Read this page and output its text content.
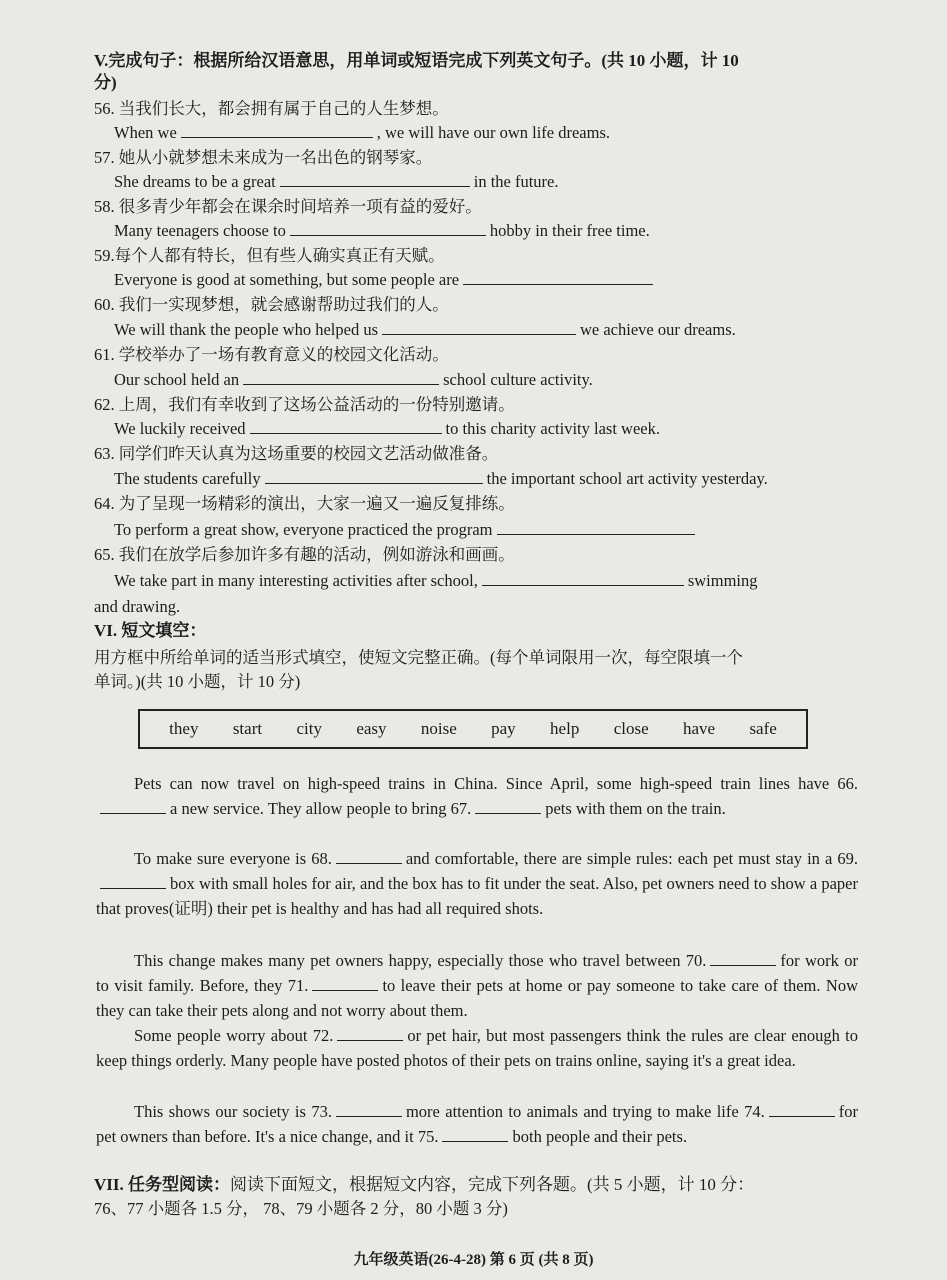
V.完成句子：根据所给汉语意思，用单词或短语完成下列英文句子。(共 10 小题，计 10
分)
56. 当我们长大，都会拥有属于自己的人生梦想。
When we	, we will have our own life dreams.
57. 她从小就梦想未来成为一名出色的钢琴家。
She dreams to be a great	in the future.
58. 很多青少年都会在课余时间培养一项有益的爱好。
Many teenagers choose to	hobby in their free time.
59.每个人都有特长，但有些人确实真正有天赋。
Everyone is good at something, but some people are
60. 我们一实现梦想，就会感谢帮助过我们的人。
We will thank the people who helped us	we achieve our dreams.
61. 学校举办了一场有教育意义的校园文化活动。
Our school held an	school culture activity.
62. 上周，我们有幸收到了这场公益活动的一份特别邀请。
We luckily received	to this charity activity last week.
63. 同学们昨天认真为这场重要的校园文艺活动做准备。
The students carefully	the important school art activity yesterday.
64. 为了呈现一场精彩的演出，大家一遍又一遍反复排练。
To perform a great show, everyone practiced the program
65. 我们在放学后参加许多有趣的活动，例如游泳和画画。
We take part in many interesting activities after school,	swimming
and drawing.
VI. 短文填空：
用方框中所给单词的适当形式填空，使短文完整正确。(每个单词限用一次，每空限填一个
单词。)(共 10 小题，计 10 分)
they start city easy noise pay help close have safe
Pets can now travel on high-speed trains in China. Since April, some high-speed train lines have 66.a new service. They allow people to bring 67.	pets with them on the train.
To make sure everyone is 68.	and comfortable, there are simple rules: each pet must stay in a 69.box with small holes for air, and the box has to fit under the seat. Also, pet owners need to show a paper that proves(证明) their pet is healthy and has had all required shots.
This change makes many pet owners happy, especially those who travel between 70.	for work or to visit family. Before, they 71.	to leave their pets at home or pay someone to take care of them. Now they can take their pets along and not worry about them.
Some people worry about 72.	or pet hair, but most passengers think the rules are clear enough to keep things orderly. Many people have posted photos of their pets on trains online, saying it's a great idea.
This shows our society is 73.	more attention to animals and trying to make life 74.	for pet owners than before. It's a nice change, and it 75.	both people and their pets.
VII. 任务型阅读：阅读下面短文，根据短文内容，完成下列各题。(共 5 小题，计 10 分：
76、77 小题各 1.5 分， 78、79 小题各 2 分，80 小题 3 分)
九年级英语(26-4-28) 第 6 页 (共 8 页)
